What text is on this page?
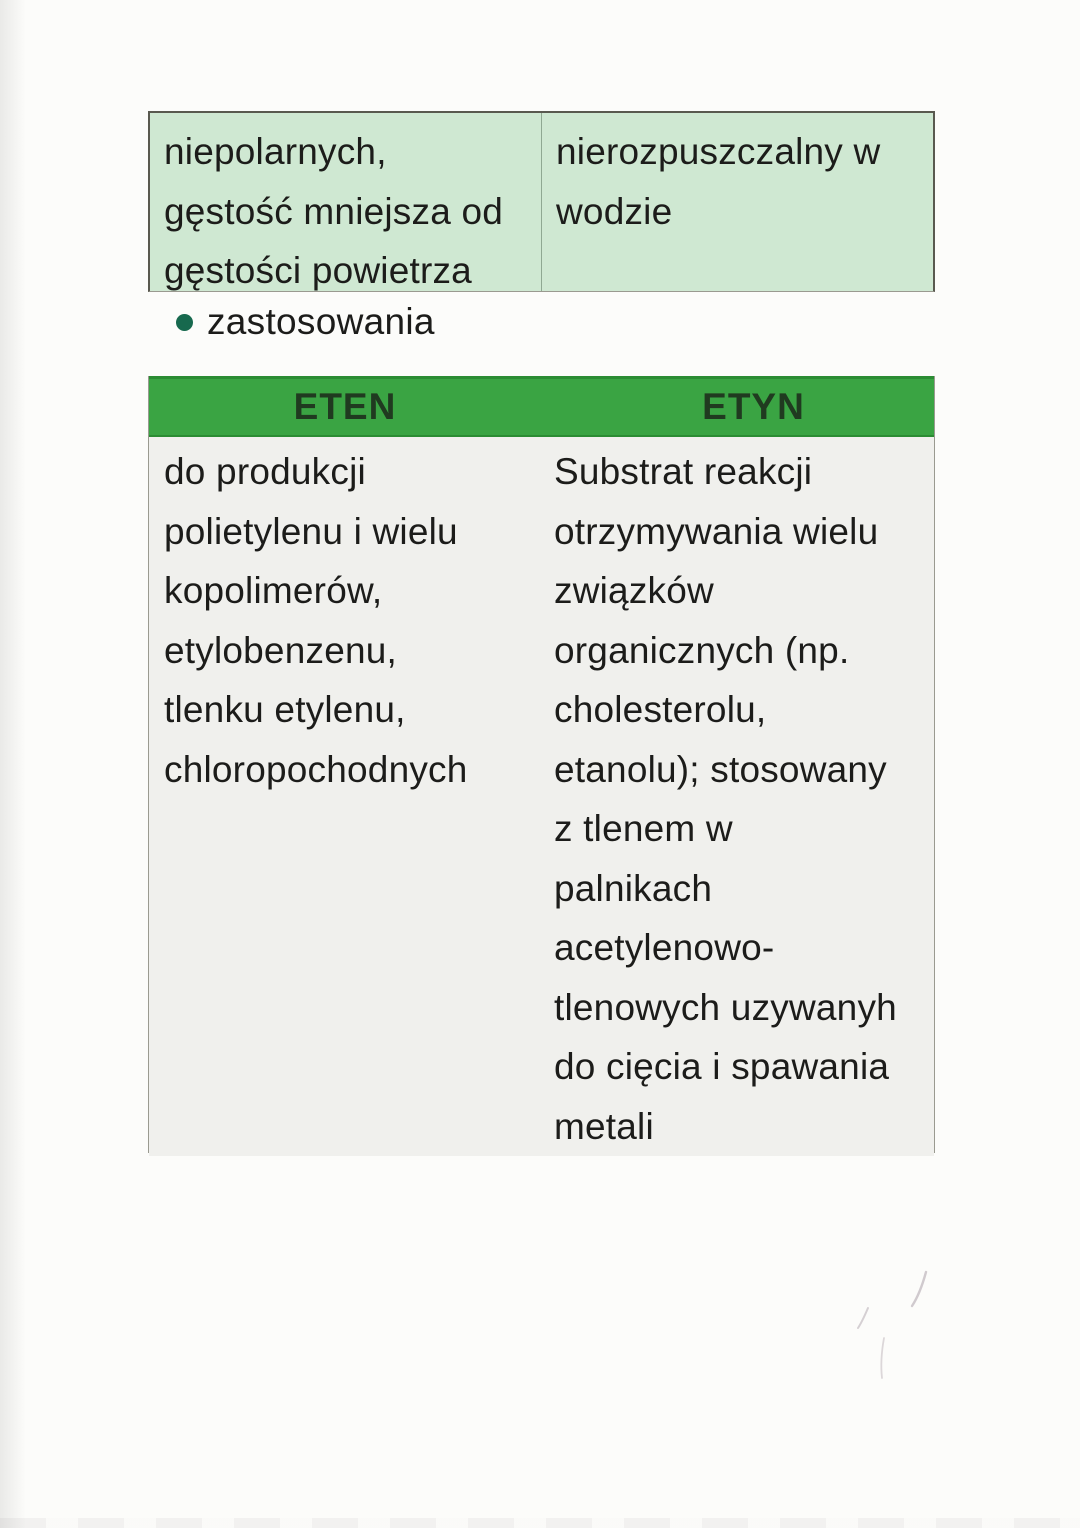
niepolarnych,
gęstość mniejsza od
gęstości powietrza
nierozpuszczalny w
wodzie
zastosowania
ETEN	ETYN
do produkcji
polietylenu i wielu
kopolimerów,
etylobenzenu,
tlenku etylenu,
chloropochodnych
Substrat reakcji
otrzymywania wielu
związków
organicznych (np.
cholesterolu,
etanolu); stosowany
z tlenem w
palnikach
acetylenowo-
tlenowych uzywanyh
do cięcia i spawania
metali
